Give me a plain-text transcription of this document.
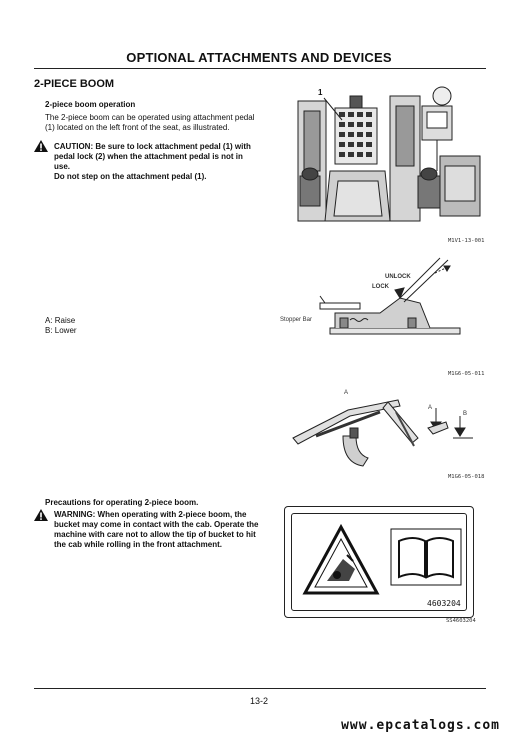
OPTIONAL ATTACHMENTS AND DEVICES
2-PIECE BOOM
2-piece boom operation
The 2-piece boom can be operated using attachment pedal
(1) located on the left front of the seat, as illustrated.
CAUTION: Be sure to lock attachment pedal (1) with
pedal lock (2) when the attachment pedal is not in
use.
Do not step on the attachment pedal (1).
1
M1V1-13-001
UNLOCK
LOCK
Stopper Bar
A: Raise
B: Lower
M1G6-05-011
A
A
B
M1G6-05-018
Precautions for operating 2-piece boom.
WARNING: When operating with 2-piece boom, the
bucket may come in contact with the cab. Operate the
machine with care not to allow the tip of bucket to hit
the cab while rolling in the front attachment.
4603204
SS4603204
13-2
www.epcatalogs.com
